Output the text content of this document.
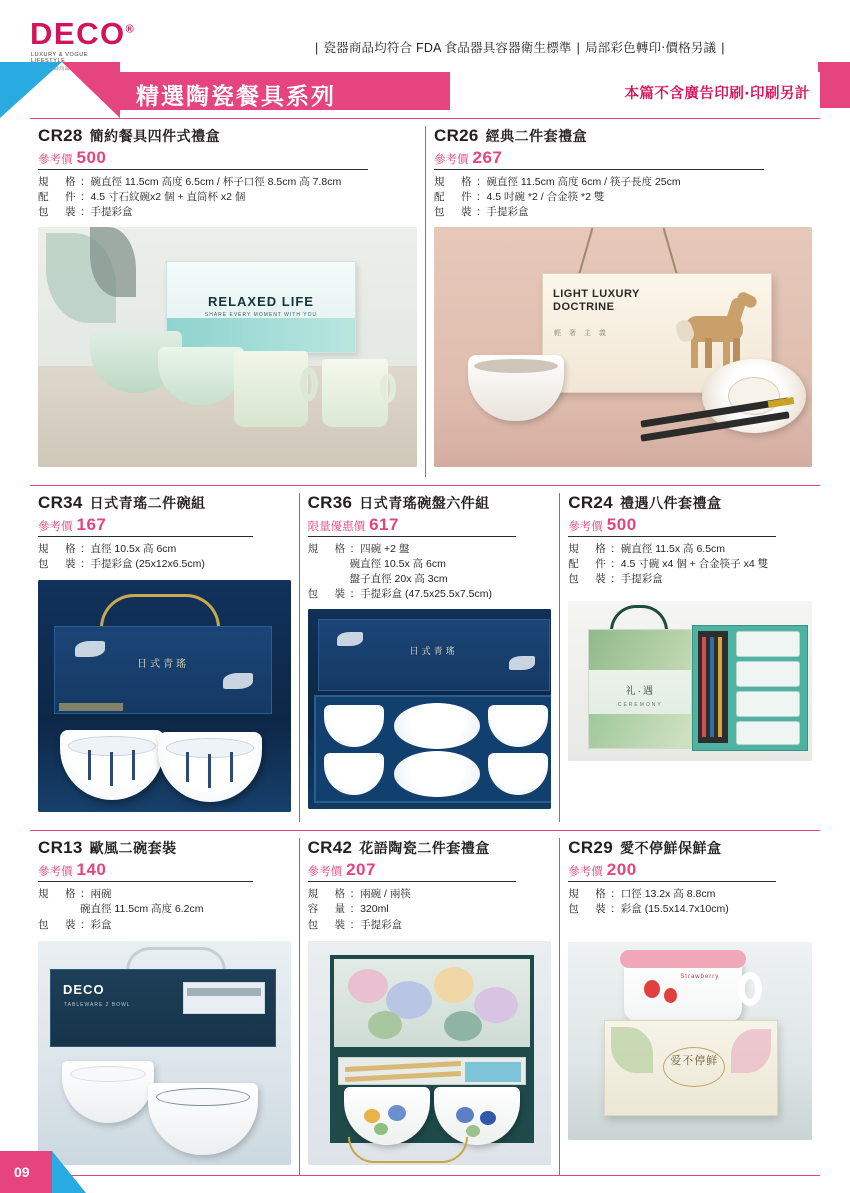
DECO®
LUXURY & VOGUE LIFESTYLE
精緻生活 時尚品味
| 瓷器商品均符合 FDA 食品器具容器衛生標準 | 局部彩色轉印‧價格另議 |
精選陶瓷餐具系列	本篇不含廣告印刷‧印刷另計
CR28 簡約餐具四件式禮盒
參考價 500
規　格 ：碗直徑 11.5cm 高度 6.5cm / 杯子口徑 8.5cm 高 7.8cm
配　件 ：4.5 寸石紋碗x2 個 + 直筒杯 x2 個
包　裝 ：手提彩盒
RELAXED LIFE
SHARE EVERY MOMENT WITH YOU
CR26 經典二件套禮盒
參考價 267
規　格 ：碗直徑 11.5cm 高度 6cm / 筷子長度 25cm
配　件 ：4.5 吋碗 *2 / 合金筷 *2 雙
包　裝 ：手提彩盒
LIGHT LUXURY DOCTRINE
輕 奢 主 義
CR34 日式青瑤二件碗組
參考價 167
規　格 ：直徑 10.5x 高 6cm
包　裝 ：手提彩盒 (25x12x6.5cm)
日式青瑤
CR36 日式青瑤碗盤六件組
限量優惠價 617
規　格 ：四碗 +2 盤
碗直徑 10.5x 高 6cm
盤子直徑 20x 高 3cm
包　裝 ：手提彩盒 (47.5x25.5x7.5cm)
日式青瑤
CR24 禮遇八件套禮盒
參考價 500
規　格 ：碗直徑 11.5x 高 6.5cm
配　件 ：4.5 寸碗 x4 個 + 合金筷子 x4 雙
包　裝 ：手提彩盒
礼·遇
CEREMONY
CR13 歐風二碗套裝
參考價 140
規　格 ：兩碗
碗直徑 11.5cm 高度 6.2cm
包　裝 ：彩盒
DECO
TABLEWARE 2 BOWL
CR42 花語陶瓷二件套禮盒
參考價 207
規　格 ：兩碗 / 兩筷
容　量 ：320ml
包　裝 ：手提彩盒
CR29 愛不停鮮保鮮盒
參考價 200
規　格 ：口徑 13.2x 高 8.8cm
包　裝 ：彩盒 (15.5x14.7x10cm)
Strawberry
爱不停鲜
09
